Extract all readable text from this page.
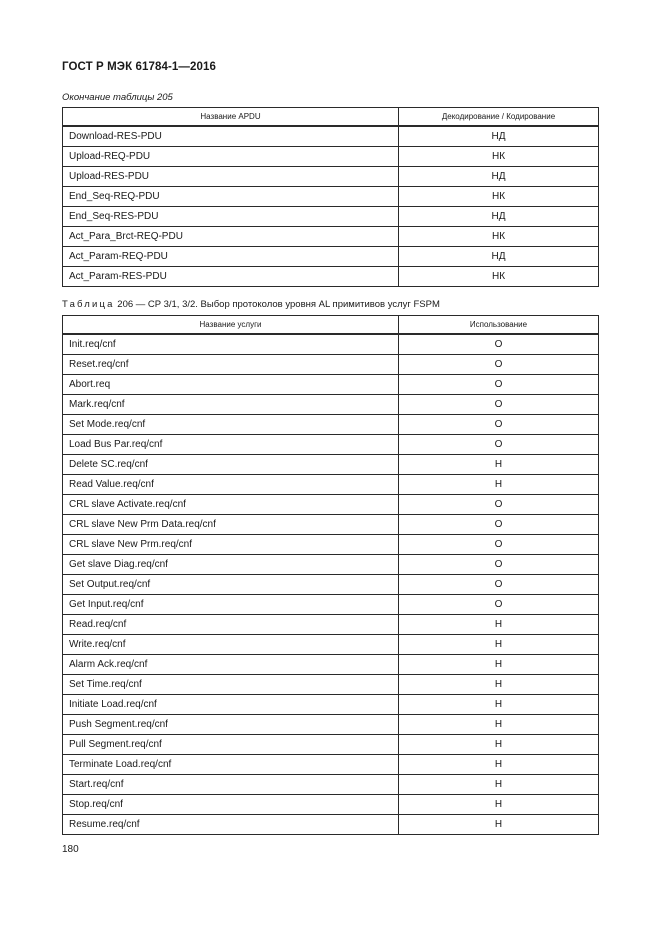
ГОСТ Р МЭК 61784-1—2016
Окончание таблицы 205
Название APDU	Декодирование / Кодирование
Download-RES-PDU	НД
Upload-REQ-PDU	НК
Upload-RES-PDU	НД
End_Seq-REQ-PDU	НК
End_Seq-RES-PDU	НД
Act_Para_Brct-REQ-PDU	НК
Act_Param-REQ-PDU	НД
Act_Param-RES-PDU	НК
Таблица 206 — CP 3/1, 3/2. Выбор протоколов уровня AL примитивов услуг FSPM
Название услуги	Использование
Init.req/cnf	О
Reset.req/cnf	О
Abort.req	О
Mark.req/cnf	О
Set Mode.req/cnf	О
Load Bus Par.req/cnf	О
Delete SC.req/cnf	Н
Read Value.req/cnf	Н
CRL slave Activate.req/cnf	О
CRL slave New Prm Data.req/cnf	О
CRL slave New Prm.req/cnf	О
Get slave Diag.req/cnf	О
Set Output.req/cnf	О
Get Input.req/cnf	О
Read.req/cnf	Н
Write.req/cnf	Н
Alarm Ack.req/cnf	Н
Set Time.req/cnf	Н
Initiate Load.req/cnf	Н
Push Segment.req/cnf	Н
Pull Segment.req/cnf	Н
Terminate Load.req/cnf	Н
Start.req/cnf	Н
Stop.req/cnf	Н
Resume.req/cnf	Н
180
